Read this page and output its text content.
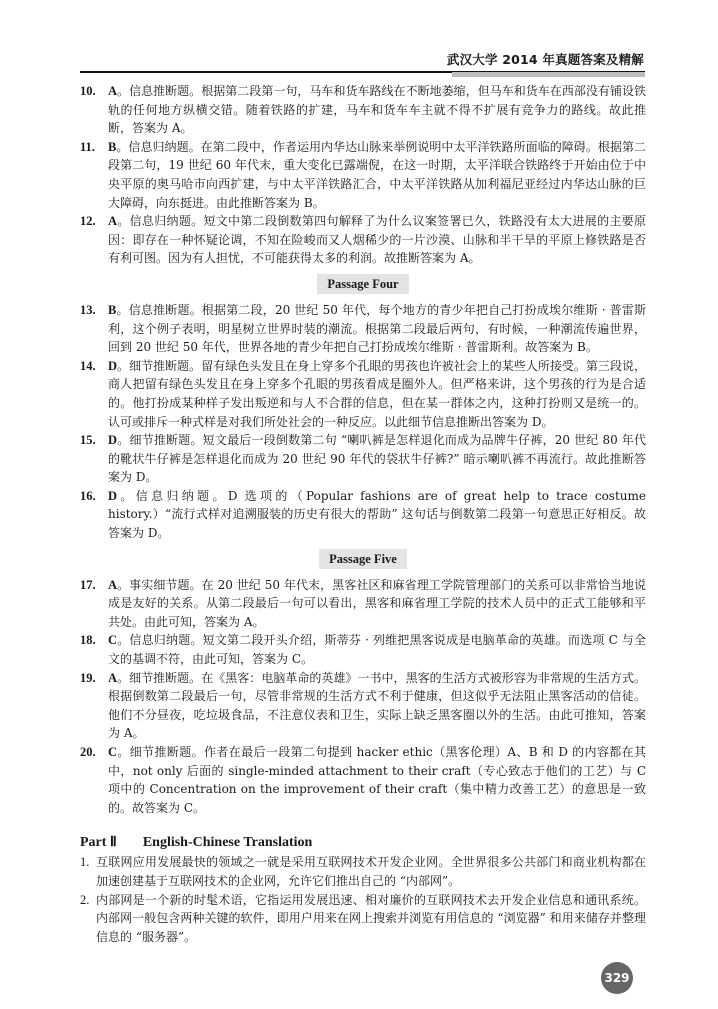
武汉大学 2014 年真题答案及精解
10. A。信息推断题。根据第二段第一句，马车和货车路线在不断地萎缩，但马车和货车在西部没有铺设铁轨的任何地方纵横交错。随着铁路的扩建，马车和货车车主就不得不扩展有竞争力的路线。故此推断，答案为 A。
11. B。信息归纳题。在第二段中，作者运用内华达山脉来举例说明中太平洋铁路所面临的障碍。根据第二段第二句，19 世纪 60 年代末，重大变化已露端倪，在这一时期，太平洋联合铁路终于开始由位于中央平原的奥马哈市向西扩建，与中太平洋铁路汇合，中太平洋铁路从加利福尼亚经过内华达山脉的巨大障碍，向东挺进。由此推断答案为 B。
12. A。信息归纳题。短文中第二段倒数第四句解释了为什么议案签署已久，铁路没有太大进展的主要原因：即存在一种怀疑论调，不知在险峻而又人烟稀少的一片沙漠、山脉和半干旱的平原上修铁路是否有利可图。因为有人担忧，不可能获得太多的利润。故推断答案为 A。
Passage Four
13. B。信息推断题。根据第二段，20 世纪 50 年代，每个地方的青少年把自己打扮成埃尔维斯 · 普雷斯利，这个例子表明，明星树立世界时装的潮流。根据第二段最后两句，有时候，一种潮流传遍世界，回到 20 世纪 50 年代，世界各地的青少年把自己打扮成埃尔维斯 · 普雷斯利。故答案为 B。
14. D。细节推断题。留有绿色头发且在身上穿多个孔眼的男孩也许被社会上的某些人所接受。第三段说，商人把留有绿色头发且在身上穿多个孔眼的男孩看成是圈外人。但严格来讲，这个男孩的行为是合适的。他打扮成某种样子发出叛逆和与人不合群的信息，但在某一群体之内，这种打扮则又是统一的。认可或排斥一种式样是对我们所处社会的一种反应。以此细节信息推断出答案为 D。
15. D。细节推断题。短文最后一段倒数第二句 “喇叭裤是怎样退化而成为品牌牛仔裤，20 世纪 80 年代的靴状牛仔裤是怎样退化而成为 20 世纪 90 年代的袋状牛仔裤?” 暗示喇叭裤不再流行。故此推断答案为 D。
16. D。信息归纳题。D 选项的（Popular fashions are of great help to trace costume history.）“流行式样对追溯服装的历史有很大的帮助” 这句话与倒数第二段第一句意思正好相反。故答案为 D。
Passage Five
17. A。事实细节题。在 20 世纪 50 年代末，黑客社区和麻省理工学院管理部门的关系可以非常恰当地说成是友好的关系。从第二段最后一句可以看出，黑客和麻省理工学院的技术人员中的正式工能够和平共处。由此可知，答案为 A。
18. C。信息归纳题。短文第二段开头介绍，斯蒂芬 · 列维把黑客说成是电脑革命的英雄。而选项 C 与全文的基调不符，由此可知，答案为 C。
19. A。细节推断题。在《黑客：电脑革命的英雄》一书中，黑客的生活方式被形容为非常规的生活方式。根据倒数第二段最后一句，尽管非常规的生活方式不利于健康，但这似乎无法阻止黑客活动的信徒。他们不分昼夜，吃垃圾食品，不注意仪表和卫生，实际上缺乏黑客圈以外的生活。由此可推知，答案为 A。
20. C。细节推断题。作者在最后一段第二句提到 hacker ethic（黑客伦理）A、B 和 D 的内容都在其中，not only 后面的 single-minded attachment to their craft（专心致志于他们的工艺）与 C 项中的 Concentration on the improvement of their craft（集中精力改善工艺）的意思是一致的。故答案为 C。
Part Ⅱ English-Chinese Translation
1. 互联网应用发展最快的领域之一就是采用互联网技术开发企业网。全世界很多公共部门和商业机构都在加速创建基于互联网技术的企业网，允许它们推出自己的 “内部网”。
2. 内部网是一个新的时髦术语，它指运用发展迅速、相对廉价的互联网技术去开发企业信息和通讯系统。内部网一般包含两种关键的软件，即用户用来在网上搜索并浏览有用信息的 “浏览器” 和用来储存并整理信息的 “服务器”。
329
